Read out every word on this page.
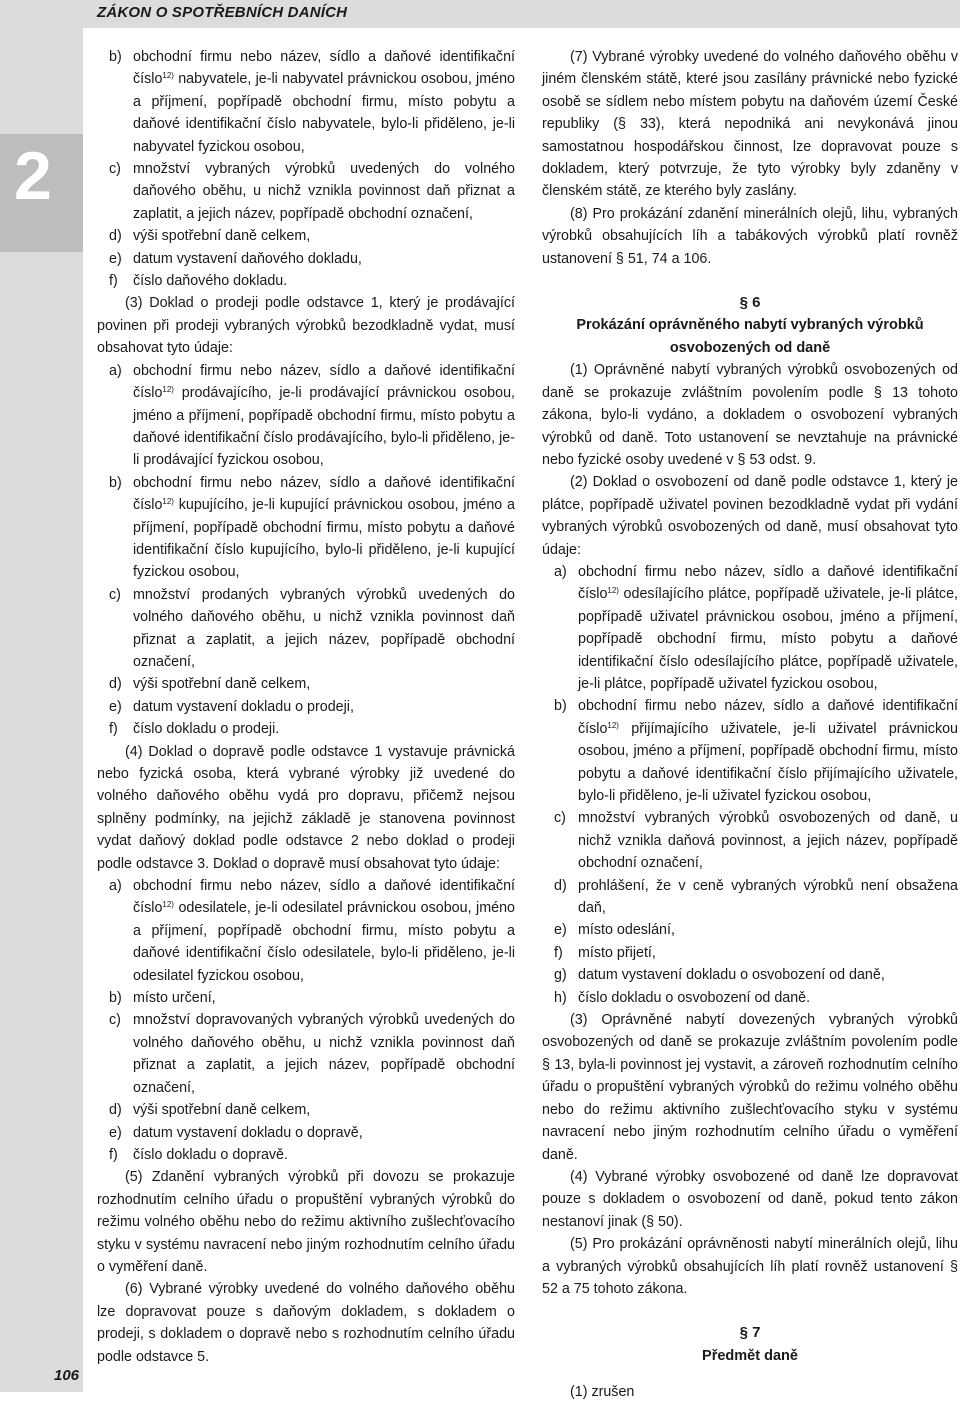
ZÁKON O SPOTŘEBNÍCH DANÍCH
2
106

b) obchodní firmu nebo název, sídlo a daňové identifikační číslo$^{12)}$ nabyvatele, je-li nabyvatel právnickou osobou, jméno a příjmení, popřípadě obchodní firmu, místo pobytu a daňové identifikační číslo nabyvatele, bylo-li přiděleno, je-li nabyvatel fyzickou osobou,

c) množství vybraných výrobků uvedených do volného daňového oběhu, u nichž vznikla povinnost daň přiznat a zaplatit, a jejich název, popřípadě obchodní označení,

d) výši spotřební daně celkem,

e) datum vystavení daňového dokladu,

f) číslo daňového dokladu.

(3) Doklad o prodeji podle odstavce 1, který je prodávající povinen při prodeji vybraných výrobků bezodkladně vydat, musí obsahovat tyto údaje:

a) obchodní firmu nebo název, sídlo a daňové identifikační číslo$^{12)}$ prodávajícího, je-li prodávající právnickou osobou, jméno a příjmení, popřípadě obchodní firmu, místo pobytu a daňové identifikační číslo prodávajícího, bylo-li přiděleno, je-li prodávající fyzickou osobou,

b) obchodní firmu nebo název, sídlo a daňové identifikační číslo$^{12)}$ kupujícího, je-li kupující právnickou osobou, jméno a příjmení, popřípadě obchodní firmu, místo pobytu a daňové identifikační číslo kupujícího, bylo-li přiděleno, je-li kupující fyzickou osobou,

c) množství prodaných vybraných výrobků uvedených do volného daňového oběhu, u nichž vznikla povinnost daň přiznat a zaplatit, a jejich název, popřípadě obchodní označení,

d) výši spotřební daně celkem,

e) datum vystavení dokladu o prodeji,

f) číslo dokladu o prodeji.

(4) Doklad o dopravě podle odstavce 1 vystavuje právnická nebo fyzická osoba, která vybrané výrobky již uvedené do volného daňového oběhu vydá pro dopravu, přičemž nejsou splněny podmínky, na jejichž základě je stanovena povinnost vydat daňový doklad podle odstavce 2 nebo doklad o prodeji podle odstavce 3. Doklad o dopravě musí obsahovat tyto údaje:

a) obchodní firmu nebo název, sídlo a daňové identifikační číslo$^{12)}$ odesilatele, je-li odesilatel právnickou osobou, jméno a příjmení, popřípadě obchodní firmu, místo pobytu a daňové identifikační číslo odesilatele, bylo-li přiděleno, je-li odesilatel fyzickou osobou,

b) místo určení,

c) množství dopravovaných vybraných výrobků uvedených do volného daňového oběhu, u nichž vznikla povinnost daň přiznat a zaplatit, a jejich název, popřípadě obchodní označení,

d) výši spotřební daně celkem,

e) datum vystavení dokladu o dopravě,

f) číslo dokladu o dopravě.

(5) Zdanění vybraných výrobků při dovozu se prokazuje rozhodnutím celního úřadu o propuštění vybraných výrobků do režimu volného oběhu nebo do režimu aktivního zušlechťovacího styku v systému navracení nebo jiným rozhodnutím celního úřadu o vyměření daně.

(6) Vybrané výrobky uvedené do volného daňového oběhu lze dopravovat pouze s daňovým dokladem, s dokladem o prodeji, s dokladem o dopravě nebo s rozhodnutím celního úřadu podle odstavce 5.

(7) Vybrané výrobky uvedené do volného daňového oběhu v jiném členském státě, které jsou zasílány právnické nebo fyzické osobě se sídlem nebo místem pobytu na daňovém území České republiky (§ 33), která nepodniká ani nevykonává jinou samostatnou hospodářskou činnost, lze dopravovat pouze s dokladem, který potvrzuje, že tyto výrobky byly zdaněny v členském státě, ze kterého byly zaslány.

(8) Pro prokázání zdanění minerálních olejů, lihu, vybraných výrobků obsahujících líh a tabákových výrobků platí rovněž ustanovení § 51, 74 a 106.

§ 6
Prokázání oprávněného nabytí vybraných výrobků osvobozených od daně

(1) Oprávněné nabytí vybraných výrobků osvobozených od daně se prokazuje zvláštním povolením podle § 13 tohoto zákona, bylo-li vydáno, a dokladem o osvobození vybraných výrobků od daně. Toto ustanovení se nevztahuje na právnické nebo fyzické osoby uvedené v § 53 odst. 9.

(2) Doklad o osvobození od daně podle odstavce 1, který je plátce, popřípadě uživatel povinen bezodkladně vydat při vydání vybraných výrobků osvobozených od daně, musí obsahovat tyto údaje:

a) obchodní firmu nebo název, sídlo a daňové identifikační číslo$^{12)}$ odesílajícího plátce, popřípadě uživatele, je-li plátce, popřípadě uživatel právnickou osobou, jméno a příjmení, popřípadě obchodní firmu, místo pobytu a daňové identifikační číslo odesílajícího plátce, popřípadě uživatele, je-li plátce, popřípadě uživatel fyzickou osobou,

b) obchodní firmu nebo název, sídlo a daňové identifikační číslo$^{12)}$ přijímajícího uživatele, je-li uživatel právnickou osobou, jméno a příjmení, popřípadě obchodní firmu, místo pobytu a daňové identifikační číslo přijímajícího uživatele, bylo-li přiděleno, je-li uživatel fyzickou osobou,

c) množství vybraných výrobků osvobozených od daně, u nichž vznikla daňová povinnost, a jejich název, popřípadě obchodní označení,

d) prohlášení, že v ceně vybraných výrobků není obsažena daň,

e) místo odeslání,

f) místo přijetí,

g) datum vystavení dokladu o osvobození od daně,

h) číslo dokladu o osvobození od daně.

(3) Oprávněné nabytí dovezených vybraných výrobků osvobozených od daně se prokazuje zvláštním povolením podle § 13, byla-li povinnost jej vystavit, a zároveň rozhodnutím celního úřadu o propuštění vybraných výrobků do režimu volného oběhu nebo do režimu aktivního zušlechťovacího styku v systému navracení nebo jiným rozhodnutím celního úřadu o vyměření daně.

(4) Vybrané výrobky osvobozené od daně lze dopravovat pouze s dokladem o osvobození od daně, pokud tento zákon nestanoví jinak (§ 50).

(5) Pro prokázání oprávněnosti nabytí minerálních olejů, lihu a vybraných výrobků obsahujících líh platí rovněž ustanovení § 52 a 75 tohoto zákona.

§ 7
Předmět daně

(1) zrušen
